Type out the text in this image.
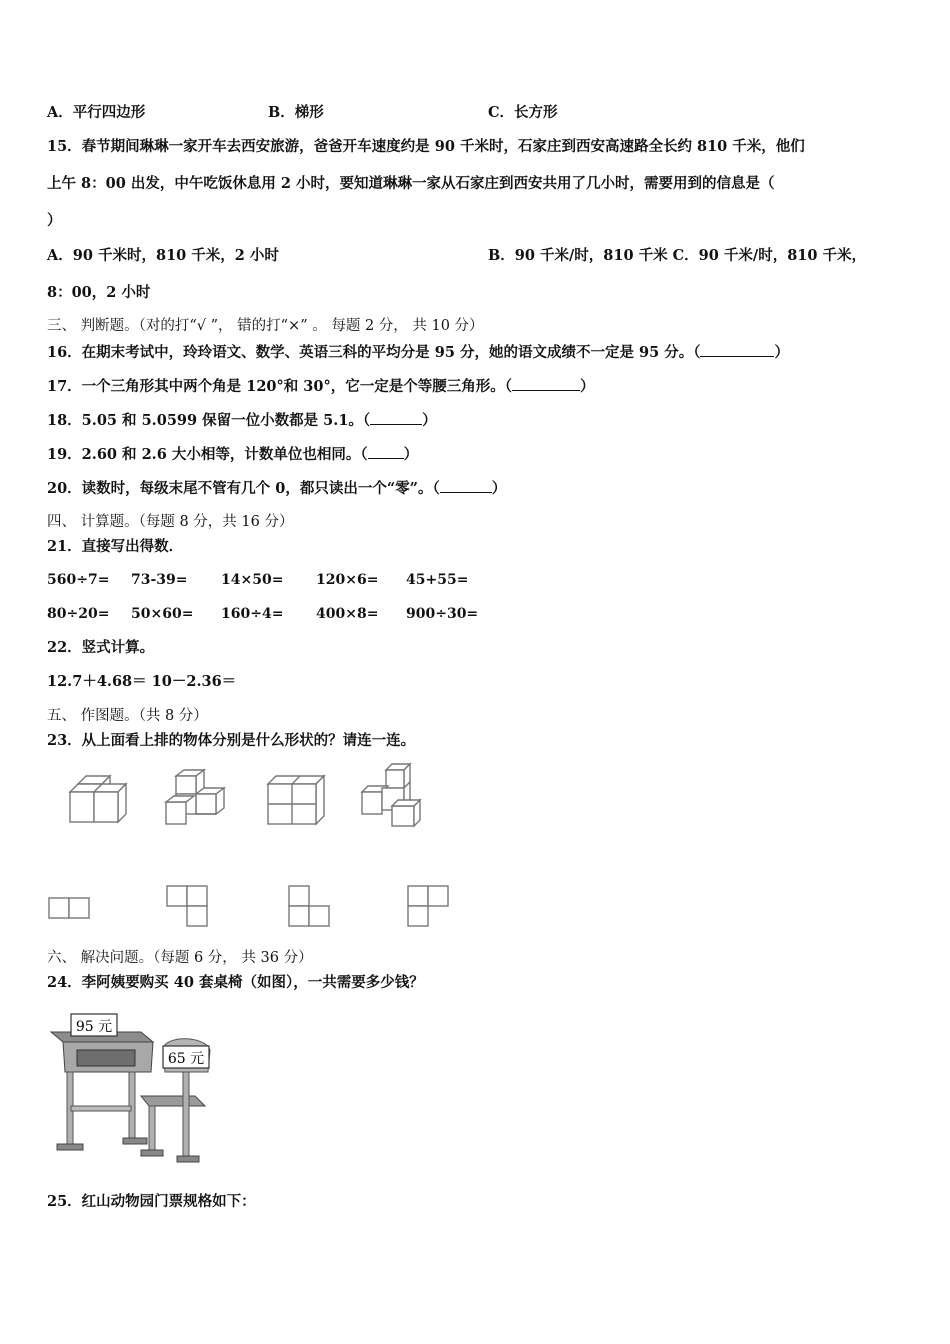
A．平行四边形	B．梯形	C．长方形
15．春节期间琳琳一家开车去西安旅游，爸爸开车速度约是 90 千米时，石家庄到西安高速路全长约 810 千米，他们
上午 8：00 出发，中午吃饭休息用 2 小时，要知道琳琳一家从石家庄到西安共用了几小时，需要用到的信息是（
）
A．90 千米时，810 千米，2 小时	B．90 千米/时，810 千米 C．90 千米/时，810 千米，
8：00，2 小时
三、 判断题。（对的打“√ ”， 错的打“×” 。 每题 2 分， 共 10 分）
16．在期末考试中，玲玲语文、数学、英语三科的平均分是 95 分，她的语文成绩不一定是 95 分。（	）
17．一个三角形其中两个角是 120°和 30°，它一定是个等腰三角形。（	）
18．5.05 和 5.0599 保留一位小数都是 5.1。（	）
19．2.60 和 2.6 大小相等，计数单位也相同。（ ）
20．读数时，每级末尾不管有几个 0，都只读出一个“零”。（	）
四、 计算题。（每题 8 分，共 16 分）
21．直接写出得数．
560÷7= 73-39= 14×50= 120×6= 45+55=
80÷20= 50×60= 160÷4= 400×8= 900÷30=
22．竖式计算。
12.7＋4.68＝ 10－2.36＝
五、 作图题。（共 8 分）
23．从上面看上排的物体分别是什么形状的？请连一连。
六、 解决问题。（每题 6 分， 共 36 分）
24．李阿姨要购买 40 套桌椅（如图），一共需要多少钱？
95 元
65 元
25．红山动物园门票规格如下：
